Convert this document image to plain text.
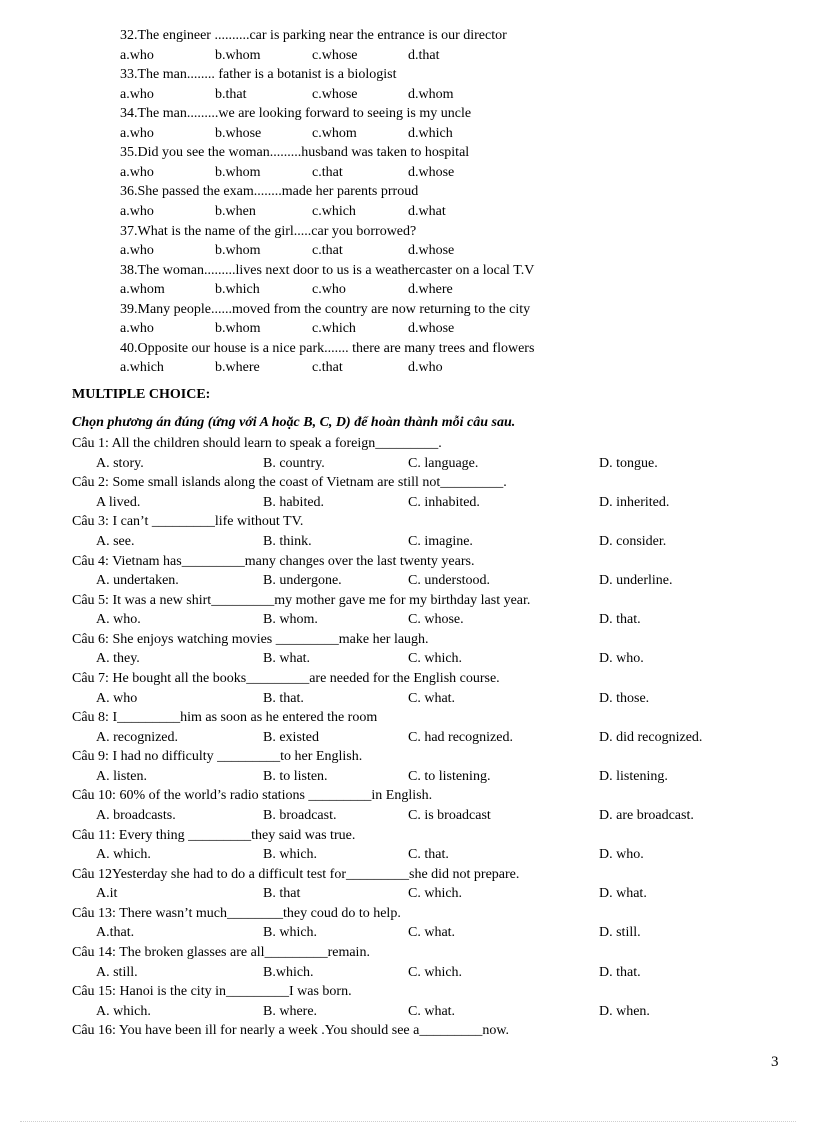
32.The engineer ..........car is parking near the entrance is our director
a.who	b.whom	c.whose	d.that
33.The man........ father is a botanist is a biologist
a.who	b.that	c.whose	d.whom
34.The man.........we are looking forward to seeing is my uncle
a.who	b.whose	c.whom	d.which
35.Did you see the woman.........husband was taken to hospital
a.who	b.whom	c.that	d.whose
36.She passed the exam........made her parents prroud
a.who	b.when	c.which	d.what
37.What is the name of the girl.....car you borrowed?
a.who	b.whom	c.that	d.whose
38.The woman.........lives next door to us is a weathercaster on a local T.V
a.whom	b.which	c.who	d.where
39.Many people......moved from the country are now returning to the city
a.who	b.whom	c.which	d.whose
40.Opposite our house is a nice park....... there are many trees and flowers
a.which	b.where	c.that	d.who
MULTIPLE CHOICE:
Chọn phương án đúng (ứng với A hoặc B, C, D) để hoàn thành mỗi câu sau.
Câu 1: All the children should learn to speak a foreign_________.
A. story.	B. country.	C. language.	D. tongue.
Câu 2: Some small islands along the coast of Vietnam are still not_________.
A lived.	B. habited.	C. inhabited.	D. inherited.
Câu 3: I can’t _________life without TV.
A. see.	B. think.	C. imagine.	D. consider.
Câu 4: Vietnam has_________many changes over the last twenty years.
A. undertaken.	B. undergone.	C. understood.	D. underline.
Câu 5: It was a new shirt_________my mother gave me for my birthday last year.
A. who.	B. whom.	C. whose.	D. that.
Câu 6: She enjoys watching movies _________make her laugh.
A. they.	B. what.	C. which.	D. who.
Câu 7: He bought all the books_________are needed for the English course.
A. who	B. that.	C. what.	D. those.
Câu 8: I_________him as soon as he entered the room
A. recognized.	B. existed	C. had recognized.	D. did recognized.
Câu 9: I had no difficulty _________to her English.
A. listen.	B. to listen.	C. to listening.	D. listening.
Câu 10: 60% of the world’s radio stations _________in English.
A. broadcasts.	B. broadcast.	C. is broadcast	D. are broadcast.
Câu 11: Every thing _________they said was true.
A. which.	B. which.	C. that.	D. who.
Câu 12Yesterday she had to do a difficult test for_________she did not prepare.
A.it	B. that	C. which.	D. what.
Câu 13: There wasn’t much________they coud do to help.
A.that.	B. which.	C. what.	D. still.
Câu 14: The broken glasses are all_________remain.
A. still.	B.which.	C. which.	D. that.
Câu 15: Hanoi is the city in_________I was born.
A. which.	B. where.	C. what.	D. when.
Câu 16: You have been ill for nearly a week .You should see a_________now.
3
